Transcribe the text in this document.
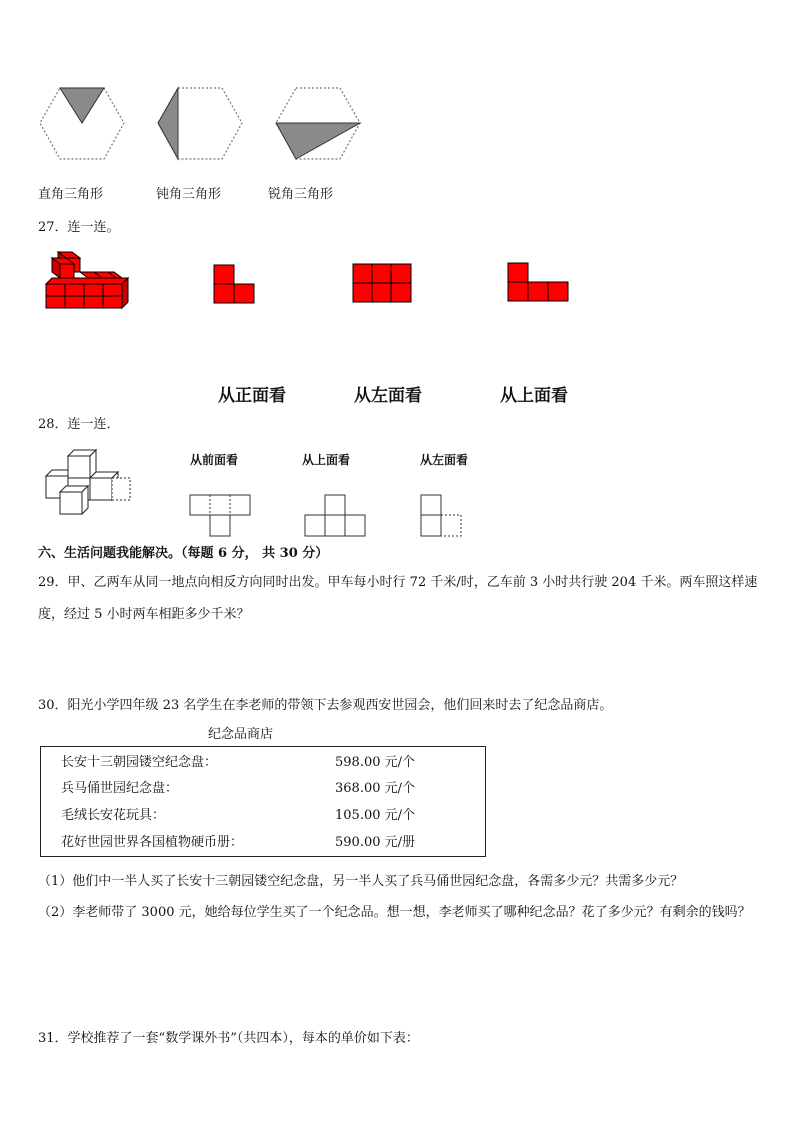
直角三角形	钝角三角形	锐角三角形
27．连一连。
从正面看	从左面看	从上面看
28．连一连．
从前面看	从上面看	从左面看
六、生活问题我能解决。（每题 6 分， 共 30 分）
29．甲、乙两车从同一地点向相反方向同时出发。甲车每小时行 72 千米/时，乙车前 3 小时共行驶 204 千米。两车照这样速度，经过 5 小时两车相距多少千米？
30．阳光小学四年级 23 名学生在李老师的带领下去参观西安世园会，他们回来时去了纪念品商店。
纪念品商店
长安十三朝园镂空纪念盘：	598.00 元/个
兵马俑世园纪念盘：	368.00 元/个
毛绒长安花玩具：	105.00 元/个
花好世园世界各国植物硬币册：	590.00 元/册
（1）他们中一半人买了长安十三朝园镂空纪念盘，另一半人买了兵马俑世园纪念盘，各需多少元？共需多少元？
（2）李老师带了 3000 元，她给每位学生买了一个纪念品。想一想，李老师买了哪种纪念品？花了多少元？有剩余的钱吗？
31．学校推荐了一套“数学课外书”（共四本），每本的单价如下表：
